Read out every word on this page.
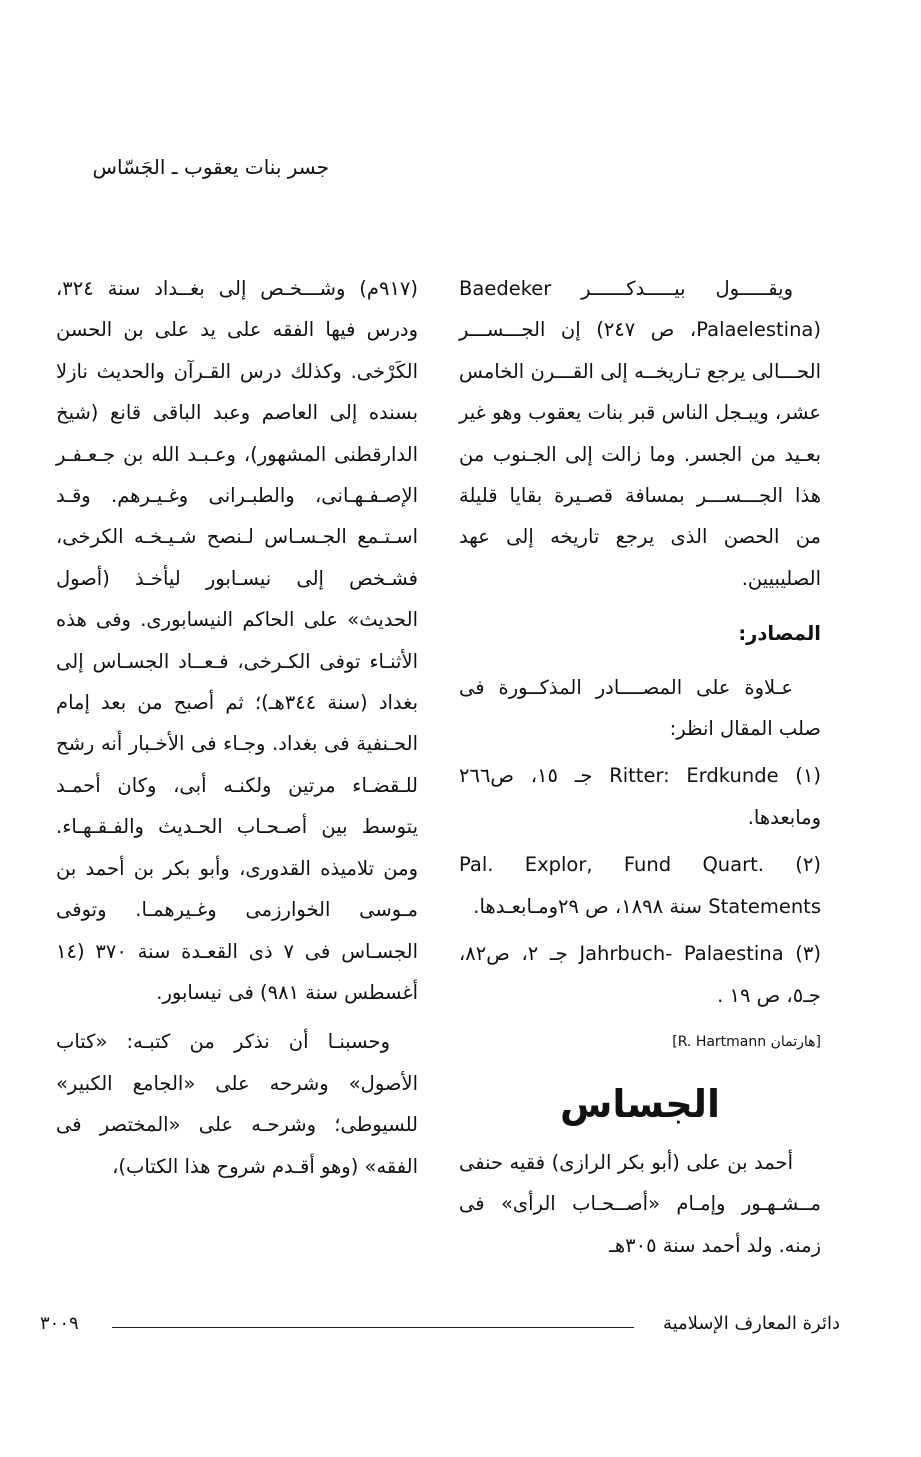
جسر بنات يعقوب ـ الجَسّاس

ويقـــــول بيـــــدكــــــر Baedeker (Palaelestina، ص ٢٤٧) إن الجـــســـر الحـــالى يرجع تـاريخــه إلى القـــرن الخامس عشر، ويبـجل الناس قبر بنات يعقوب وهو غير بعـيد من الجسر. وما زالت إلى الجـنوب من هذا الجـــســـر بمسافة قصـيرة بقايا قليلة من الحصن الذى يرجع تاريخه إلى عهد الصليبيين.

المصادر:

عـلاوة على المصــــادر المذكــورة فى صلب المقال انظر:

(١) Ritter: Erdkunde جـ ١٥، ص٢٦٦ ومابعدها.

(٢) Pal. Explor, Fund Quart. Statements سنة ١٨٩٨، ص ٢٩ومـابعـدها.

(٣) Jahrbuch- Palaestina جـ ٢، ص٨٢، جـ٥، ص ١٩ .

[هارتمان R. Hartmann]

الجساس

أحمد بن على (أبو بكر الرازى) فقيه حنفى مــشـهـور وإمـام «أصــحـاب الرأى» فى زمنه. ولد أحمد سنة ٣٠٥هـ

(٩١٧م) وشـــخـص إلى بغــداد سنة ٣٢٤، ودرس فيها الفقه على يد على بن الحسن الكَرْخى. وكذلك درس القـرآن والحديث نازلا بسنده إلى العاصم وعبد الباقى قانع (شيخ الدارقطنى المشهور)، وعـبـد الله بن جـعـفـر الإصـفـهـانى، والطبـرانى وغـيـرهم. وقـد اسـتـمع الجـسـاس لـنصح شـيـخـه الكرخى، فشـخص إلى نيسـابور ليأخـذ (أصول الحديث» على الحاكم النيسابورى. وفى هذه الأثنـاء توفى الكـرخى، فـعــاد الجسـاس إلى بغداد (سنة ٣٤٤هـ)؛ ثم أصبح من بعد إمام الحـنفية فى بغداد. وجـاء فى الأخـبار أنه رشح للـقضـاء مرتين ولكنـه أبى، وكان أحمـد يتوسط بين أصـحـاب الحـديث والفـقـهـاء. ومن تلاميذه القدورى، وأبو بكر بن أحمد بن مـوسى الخوارزمى وغـيرهمـا. وتوفى الجسـاس فى ٧ ذى القعـدة سنة ٣٧٠ (١٤ أغسطس سنة ٩٨١) فى نيسابور.

وحسبنـا أن نذكر من كتبـه: «كتاب الأصول» وشرحه على «الجامع الكبير» للسيوطى؛ وشرحـه على «المختصر فى الفقه» (وهو أقـدم شروح هذا الكتاب)،

٣٠٠٩	دائرة المعارف الإسلامية
